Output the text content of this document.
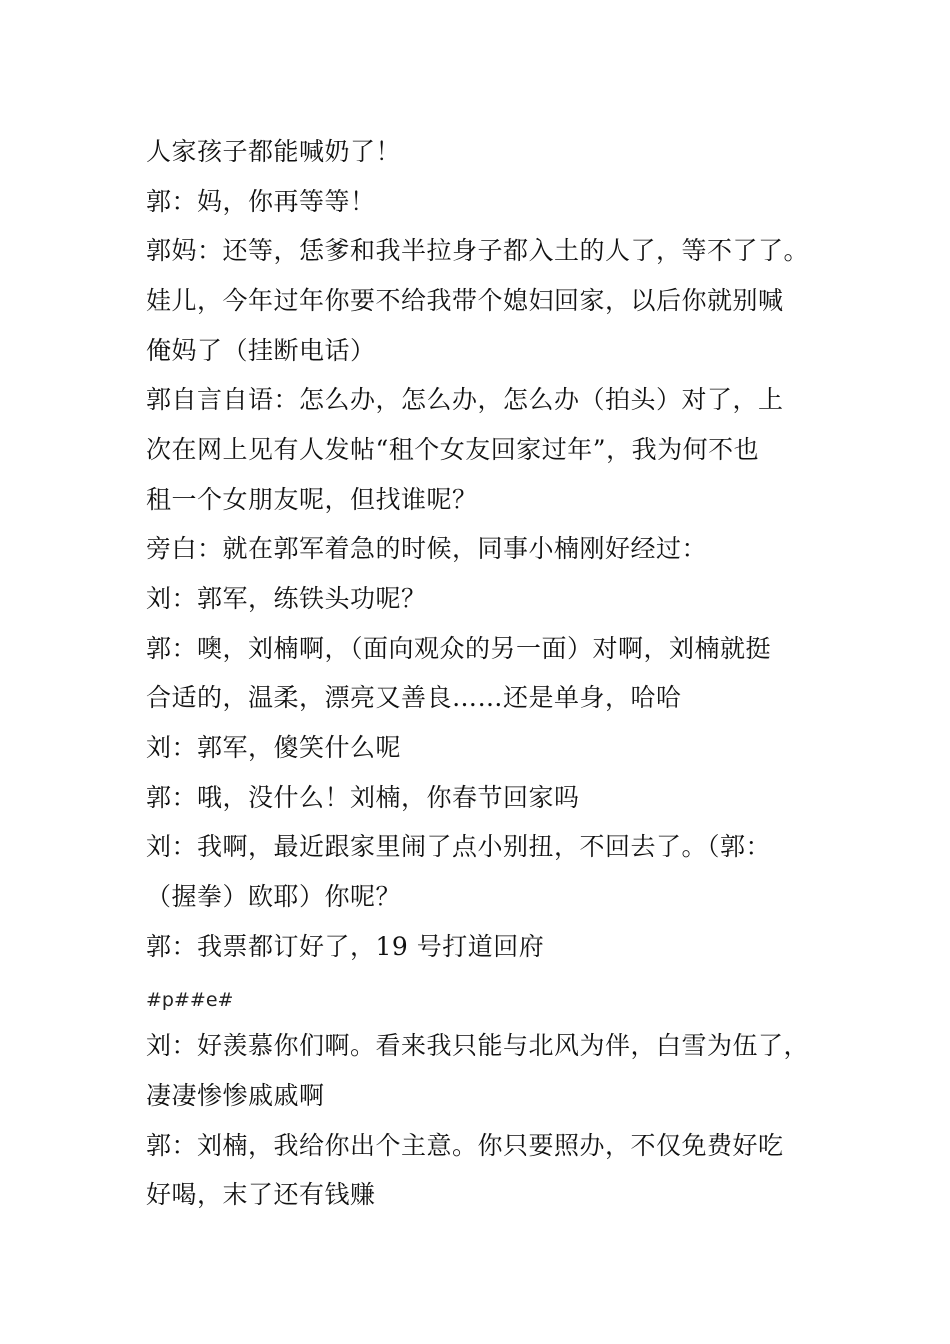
人家孩子都能喊奶了！
郭：妈，你再等等！
郭妈：还等，恁爹和我半拉身子都入土的人了，等不了了。
娃儿，今年过年你要不给我带个媳妇回家，以后你就别喊
俺妈了（挂断电话）
郭自言自语：怎么办，怎么办，怎么办（拍头）对了，上
次在网上见有人发帖“租个女友回家过年”，我为何不也
租一个女朋友呢，但找谁呢？
旁白：就在郭军着急的时候，同事小楠刚好经过：
刘：郭军，练铁头功呢？
郭：噢，刘楠啊，（面向观众的另一面）对啊，刘楠就挺
合适的，温柔，漂亮又善良……还是单身，哈哈
刘：郭军，傻笑什么呢
郭：哦，没什么！刘楠，你春节回家吗
刘：我啊，最近跟家里闹了点小别扭，不回去了。（郭：
（握拳）欧耶）你呢？
郭：我票都订好了，19 号打道回府
#p##e#
刘：好羡慕你们啊。看来我只能与北风为伴，白雪为伍了，
凄凄惨惨戚戚啊
郭：刘楠，我给你出个主意。你只要照办，不仅免费好吃
好喝，末了还有钱赚
